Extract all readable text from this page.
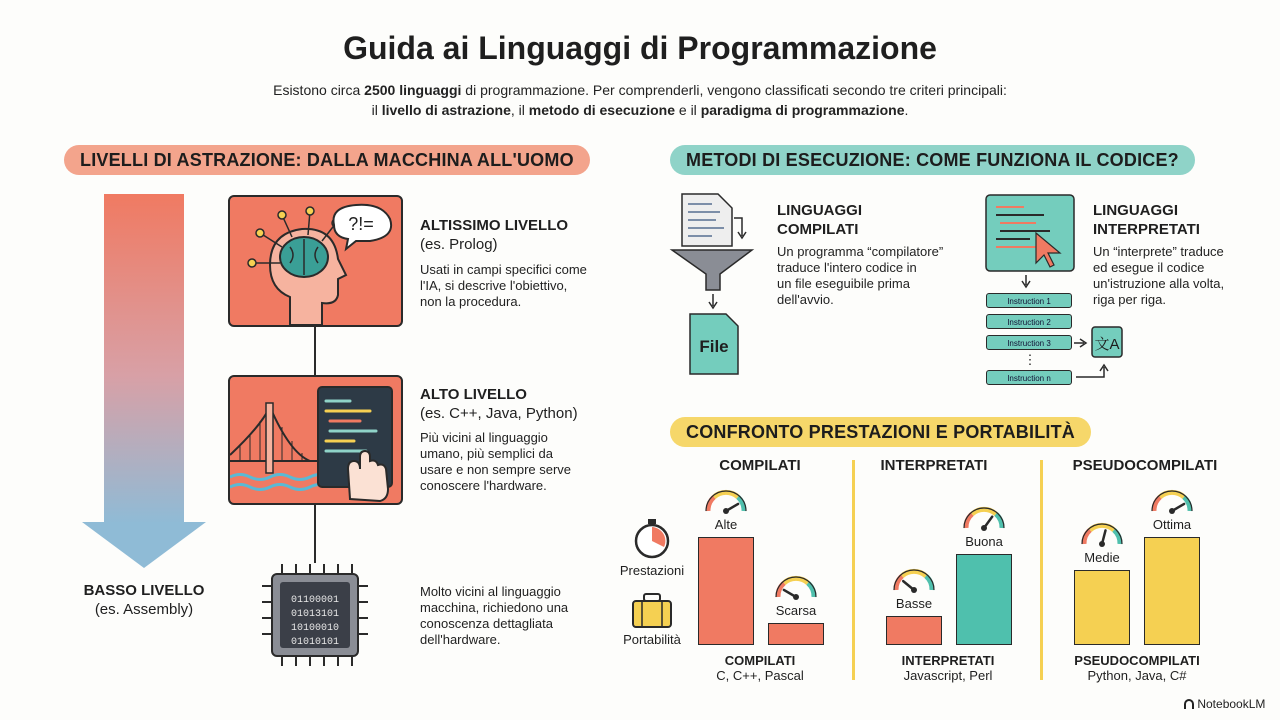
Guida ai Linguaggi di Programmazione
Esistono circa 2500 linguaggi di programmazione. Per comprenderli, vengono classificati secondo tre criteri principali:
il livello di astrazione, il metodo di esecuzione e il paradigma di programmazione.
LIVELLI DI ASTRAZIONE: DALLA MACCHINA ALL'UOMO
?!=
01100001
01013101
10100010
01010101
ALTISSIMO LIVELLO
(es. Prolog)
Usati in campi specifici come
l'IA, si descrive l'obiettivo,
non la procedura.
ALTO LIVELLO
(es. C++, Java, Python)
Più vicini al linguaggio
umano, più semplici da
usare e non sempre serve
conoscere l'hardware.
BASSO LIVELLO
(es. Assembly)
Molto vicini al linguaggio
macchina, richiedono una
conoscenza dettagliata
dell'hardware.
METODI DI ESECUZIONE: COME FUNZIONA IL CODICE?
File
LINGUAGGI
COMPILATI
Un programma “compilatore”
traduce l'intero codice in
un file eseguibile prima
dell'avvio.	Instruction 1
Instruction 2
Instruction 3
⋮
Instruction n
文A
LINGUAGGI
INTERPRETATI
Un “interprete” traduce
ed esegue il codice
un'istruzione alla volta,
riga per riga.
CONFRONTO PRESTAZIONI E PORTABILITÀ
Prestazioni
Portabilità
COMPILATI	INTERPRETATI	PSEUDOCOMPILATI
Alte
Scarsa	Basse
Buona
Medie
Ottima
COMPILATI
C, C++, Pascal
INTERPRETATI
Javascript, Perl
PSEUDOCOMPILATI
Python, Java, C#
NotebookLM
